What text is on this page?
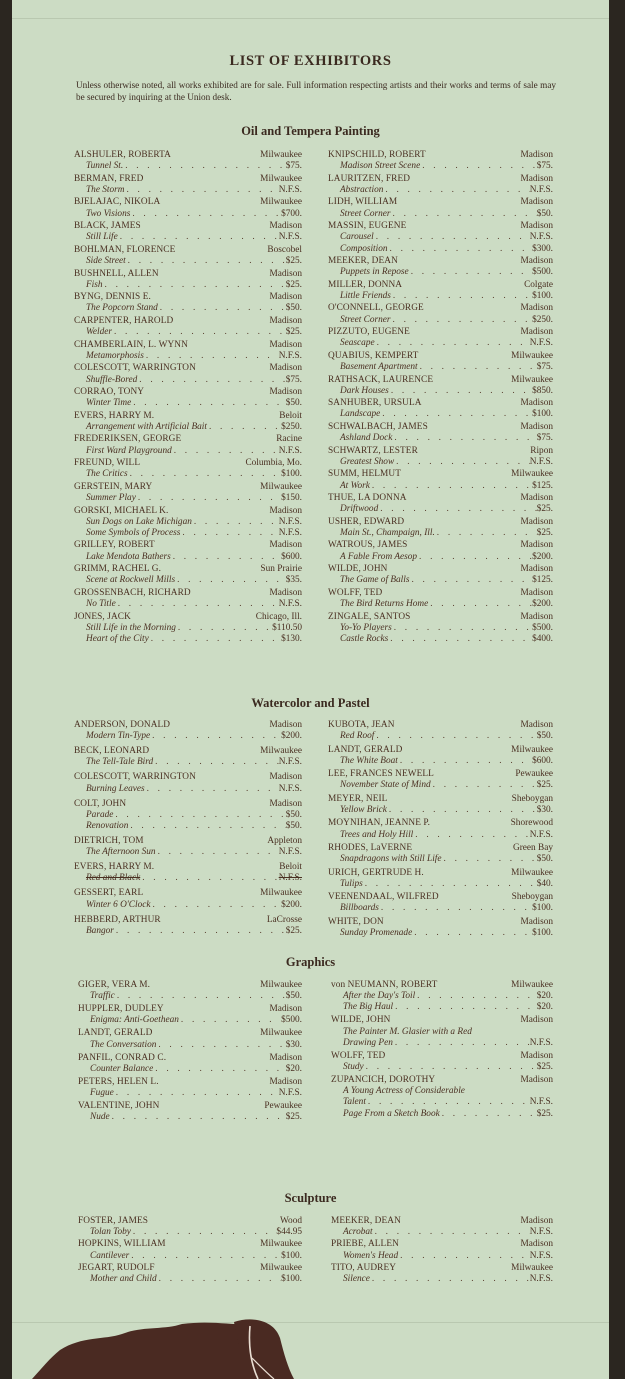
LIST OF EXHIBITORS

Unless otherwise noted, all works exhibited are for sale. Full information respecting artists and their works and terms of sale may be secured by inquiring at the Union desk.

Oil and Tempera Painting
ALSHULER, ROBERTA	Milwaukee
Tunnel St. . . .	$75.
BERMAN, FRED	Milwaukee
The Storm . . .	N.F.S.
BJELAJAC, NIKOLA	Milwaukee
Two Visions . . .	$700.
BLACK, JAMES	Madison
Still Life . . .	N.F.S.
BOHLMAN, FLORENCE	Boscobel
Side Street . . .	$25.
BUSHNELL, ALLEN	Madison
Fish . . .	$25.
BYNG, DENNIS E.	Madison
The Popcorn Stand . . .	$50.
CARPENTER, HAROLD	Madison
Welder . . .	$25.
CHAMBERLAIN, L. WYNN	Madison
Metamorphosis . . .	N.F.S.
COLESCOTT, WARRINGTON	Madison
Shuffle-Bored . . .	$75.
CORRAO, TONY	Madison
Winter Time . . .	$50.
EVERS, HARRY M.	Beloit
Arrangement with Artificial Bait . . .	$250.
FREDERIKSEN, GEORGE	Racine
First Ward Playground . . .	N.F.S.
FREUND, WILL	Columbia, Mo.
The Critics . . .	$100.
GERSTEIN, MARY	Milwaukee
Summer Play . . .	$150.
GORSKI, MICHAEL K.	Madison
Sun Dogs on Lake Michigan . . .	N.F.S.
Some Symbols of Process . . .	N.F.S.
GRILLEY, ROBERT	Madison
Lake Mendota Bathers . . .	$600.
GRIMM, RACHEL G.	Sun Prairie
Scene at Rockwell Mills . . .	$35.
GROSSENBACH, RICHARD	Madison
No Title . . .	N.F.S.
JONES, JACK	Chicago, Ill.
Still Life in the Morning . . .	$110.50
Heart of the City . . .	$130.
KNIPSCHILD, ROBERT	Madison
Madison Street Scene . . .	$75.
LAURITZEN, FRED	Madison
Abstraction . . .	N.F.S.
LIDH, WILLIAM	Madison
Street Corner . . .	$50.
MASSIN, EUGENE	Madison
Carousel . . .	N.F.S.
Composition . . .	$300.
MEEKER, DEAN	Madison
Puppets in Repose . . .	$500.
MILLER, DONNA	Colgate
Little Friends . . .	$100.
O'CONNELL, GEORGE	Madison
Street Corner . . .	$250.
PIZZUTO, EUGENE	Madison
Seascape . . .	N.F.S.
QUABIUS, KEMPERT	Milwaukee
Basement Apartment . . .	$75.
RATHSACK, LAURENCE	Milwaukee
Dark Houses . . .	$850.
SANHUBER, URSULA	Madison
Landscape . . .	$100.
SCHWALBACH, JAMES	Madison
Ashland Dock . . .	$75.
SCHWARTZ, LESTER	Ripon
Greatest Show . . .	N.F.S.
SUMM, HELMUT	Milwaukee
At Work . . .	$125.
THUE, LA DONNA	Madison
Driftwood . . .	$25.
USHER, EDWARD	Madison
Main St., Champaign, Ill. . . .	$25.
WATROUS, JAMES	Madison
A Fable From Aesop . . .	$200.
WILDE, JOHN	Madison
The Game of Balls . . .	$125.
WOLFF, TED	Madison
The Bird Returns Home . . .	$200.
ZINGALE, SANTOS	Madison
Yo-Yo Players . . .	$500.
Castle Rocks . . .	$400.
Watercolor and Pastel
ANDERSON, DONALD	Madison
Modern Tin-Type . . .	$200.
BECK, LEONARD	Milwaukee
The Tell-Tale Bird . . .	N.F.S.
COLESCOTT, WARRINGTON	Madison
Burning Leaves . . .	N.F.S.
COLT, JOHN	Madison
Parade . . .	$50.
Renovation . . .	$50.
DIETRICH, TOM	Appleton
The Afternoon Sun . . .	N.F.S.
EVERS, HARRY M.	Beloit
Red and Black . . .	N.F.S.
GESSERT, EARL	Milwaukee
Winter 6 O'Clock . . .	$200.
HEBBERD, ARTHUR	LaCrosse
Bangor . . .	$25.
KUBOTA, JEAN	Madison
Red Roof . . .	$50.
LANDT, GERALD	Milwaukee
The White Boat . . .	$600.
LEE, FRANCES NEWELL	Pewaukee
November State of Mind . . .	$25.
MEYER, NEIL	Sheboygan
Yellow Brick . . .	$30.
MOYNIHAN, JEANNE P.	Shorewood
Trees and Holy Hill . . .	N.F.S.
RHODES, LaVERNE	Green Bay
Snapdragons with Still Life . . .	$50.
URICH, GERTRUDE H.	Milwaukee
Tulips . . .	$40.
VEENENDAAL, WILFRED	Sheboygan
Billboards . . .	$100.
WHITE, DON	Madison
Sunday Promenade . . .	$100.
Graphics
GIGER, VERA M.	Milwaukee
Traffic . . .	$50.
HUPPLER, DUDLEY	Madison
Enigma: Anti-Goethean . . .	$500.
LANDT, GERALD	Milwaukee
The Conversation . . .	$30.
PANFIL, CONRAD C.	Madison
Counter Balance . . .	$20.
PETERS, HELEN L.	Madison
Fugue . . .	N.F.S.
VALENTINE, JOHN	Pewaukee
Nude . . .	$25.
von NEUMANN, ROBERT	Milwaukee
After the Day's Toil . . .	$20.
The Big Haul . . .	$20.
WILDE, JOHN	Madison
The Painter M. Glasier with a Red
Drawing Pen . . .	N.F.S.
WOLFF, TED	Madison
Study . . .	$25.
ZUPANCICH, DOROTHY	Madison
A Young Actress of Considerable
Talent . . .	N.F.S.
Page From a Sketch Book . . .	$25.
Sculpture
FOSTER, JAMES	Wood
Tolan Toby . . .	$44.95
HOPKINS, WILLIAM	Milwaukee
Cantilever . . .	$100.
JEGART, RUDOLF	Milwaukee
Mother and Child . . .	$100.
MEEKER, DEAN	Madison
Acrobat . . .	N.F.S.
PRIEBE, ALLEN	Madison
Women's Head . . .	N.F.S.
TITO, AUDREY	Milwaukee
Silence . . .	N.F.S.
